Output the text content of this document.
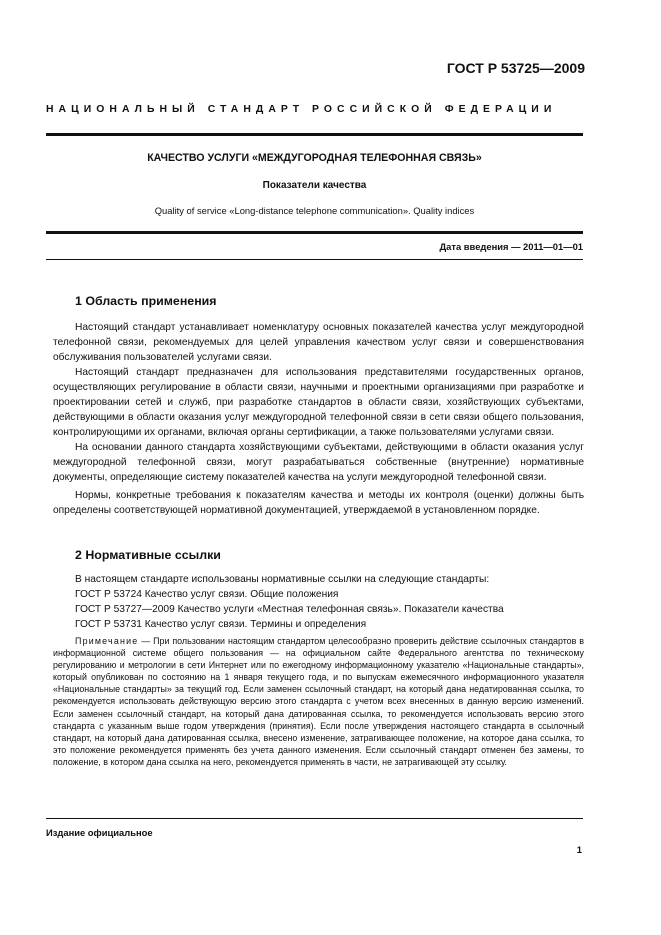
ГОСТ Р 53725—2009
НАЦИОНАЛЬНЫЙ СТАНДАРТ РОССИЙСКОЙ ФЕДЕРАЦИИ
КАЧЕСТВО УСЛУГИ «МЕЖДУГОРОДНАЯ ТЕЛЕФОННАЯ СВЯЗЬ»
Показатели качества
Quality of service «Long-distance telephone communication». Quality indices
Дата введения — 2011—01—01
1 Область применения

Настоящий стандарт устанавливает номенклатуру основных показателей качества услуг междугородной телефонной связи, рекомендуемых для целей управления качеством услуг связи и совершенствования обслуживания пользователей услугами связи.

Настоящий стандарт предназначен для использования представителями государственных органов, осуществляющих регулирование в области связи, научными и проектными организациями при разработке и проектировании сетей и служб, при разработке стандартов в области связи, хозяйствующих субъектами, действующими в области оказания услуг междугородной телефонной связи в сети связи общего пользования, контролирующими их органами, включая органы сертификации, а также пользователями услугами связи.

На основании данного стандарта хозяйствующими субъектами, действующими в области оказания услуг междугородной телефонной связи, могут разрабатываться собственные (внутренние) нормативные документы, определяющие систему показателей качества на услуги междугородной телефонной связи.

Нормы, конкретные требования к показателям качества и методы их контроля (оценки) должны быть определены соответствующей нормативной документацией, утверждаемой в установленном порядке.

2 Нормативные ссылки
В настоящем стандарте использованы нормативные ссылки на следующие стандарты:
ГОСТ Р 53724 Качество услуг связи. Общие положения
ГОСТ Р 53727—2009 Качество услуги «Местная телефонная связь». Показатели качества
ГОСТ Р 53731 Качество услуг связи. Термины и определения

Примечание — При пользовании настоящим стандартом целесообразно проверить действие ссылочных стандартов в информационной системе общего пользования — на официальном сайте Федерального агентства по техническому регулированию и метрологии в сети Интернет или по ежегодному информационному указателю «Национальные стандарты», который опубликован по состоянию на 1 января текущего года, и по выпускам ежемесячного информационного указателя «Национальные стандарты» за текущий год. Если заменен ссылочный стандарт, на который дана недатированная ссылка, то рекомендуется использовать действующую версию этого стандарта с учетом всех внесенных в данную версию изменений. Если заменен ссылочный стандарт, на который дана датированная ссылка, то рекомендуется использовать версию этого стандарта с указанным выше годом утверждения (принятия). Если после утверждения настоящего стандарта в ссылочный стандарт, на который дана датированная ссылка, внесено изменение, затрагивающее положение, на которое дана ссылка, то это положение рекомендуется применять без учета данного изменения. Если ссылочный стандарт отменен без замены, то положение, в котором дана ссылка на него, рекомендуется применять в части, не затрагивающей эту ссылку.

Издание официальное
1
